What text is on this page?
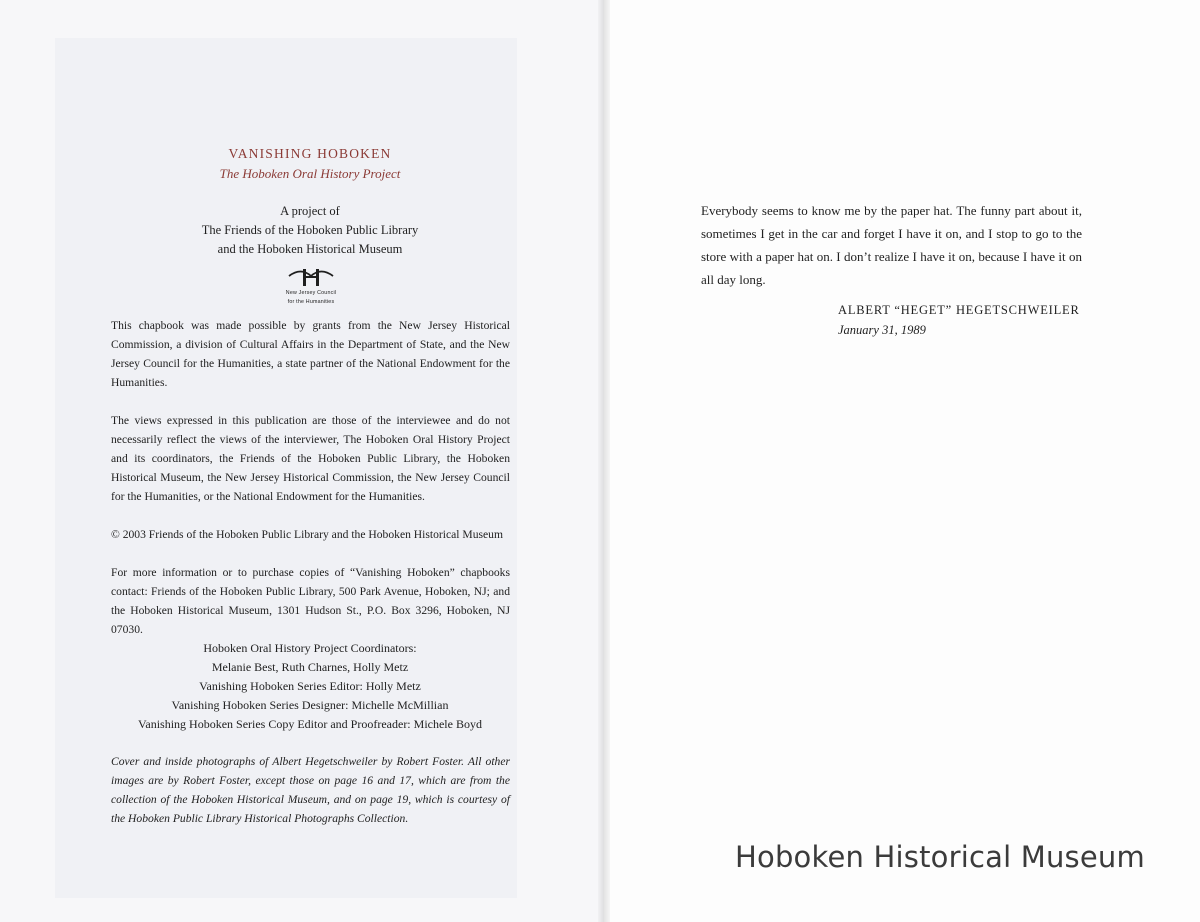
VANISHING HOBOKEN
The Hoboken Oral History Project
A project of
The Friends of the Hoboken Public Library
and the Hoboken Historical Museum
New Jersey Council
for the Humanities

This chapbook was made possible by grants from the New Jersey Historical Commission, a division of Cultural Affairs in the Department of State, and the New Jersey Council for the Humanities, a state partner of the National Endowment for the Humanities.

The views expressed in this publication are those of the interviewee and do not necessarily reflect the views of the interviewer, The Hoboken Oral History Project and its coordinators, the Friends of the Hoboken Public Library, the Hoboken Historical Museum, the New Jersey Historical Commission, the New Jersey Council for the Humanities, or the National Endowment for the Humanities.

© 2003 Friends of the Hoboken Public Library and the Hoboken Historical Museum

For more information or to purchase copies of “Vanishing Hoboken” chapbooks contact: Friends of the Hoboken Public Library, 500 Park Avenue, Hoboken, NJ; and the Hoboken Historical Museum, 1301 Hudson St., P.O. Box 3296, Hoboken, NJ 07030.

Hoboken Oral History Project Coordinators:
Melanie Best, Ruth Charnes, Holly Metz
Vanishing Hoboken Series Editor: Holly Metz
Vanishing Hoboken Series Designer: Michelle McMillian
Vanishing Hoboken Series Copy Editor and Proofreader: Michele Boyd

Cover and inside photographs of Albert Hegetschweiler by Robert Foster. All other images are by Robert Foster, except those on page 16 and 17, which are from the collection of the Hoboken Historical Museum, and on page 19, which is courtesy of the Hoboken Public Library Historical Photographs Collection.

Everybody seems to know me by the paper hat. The funny part about it, sometimes I get in the car and forget I have it on, and I stop to go to the store with a paper hat on. I don’t realize I have it on, because I have it on all day long.

ALBERT “HEGET” HEGETSCHWEILER
January 31, 1989
Hoboken Historical Museum
